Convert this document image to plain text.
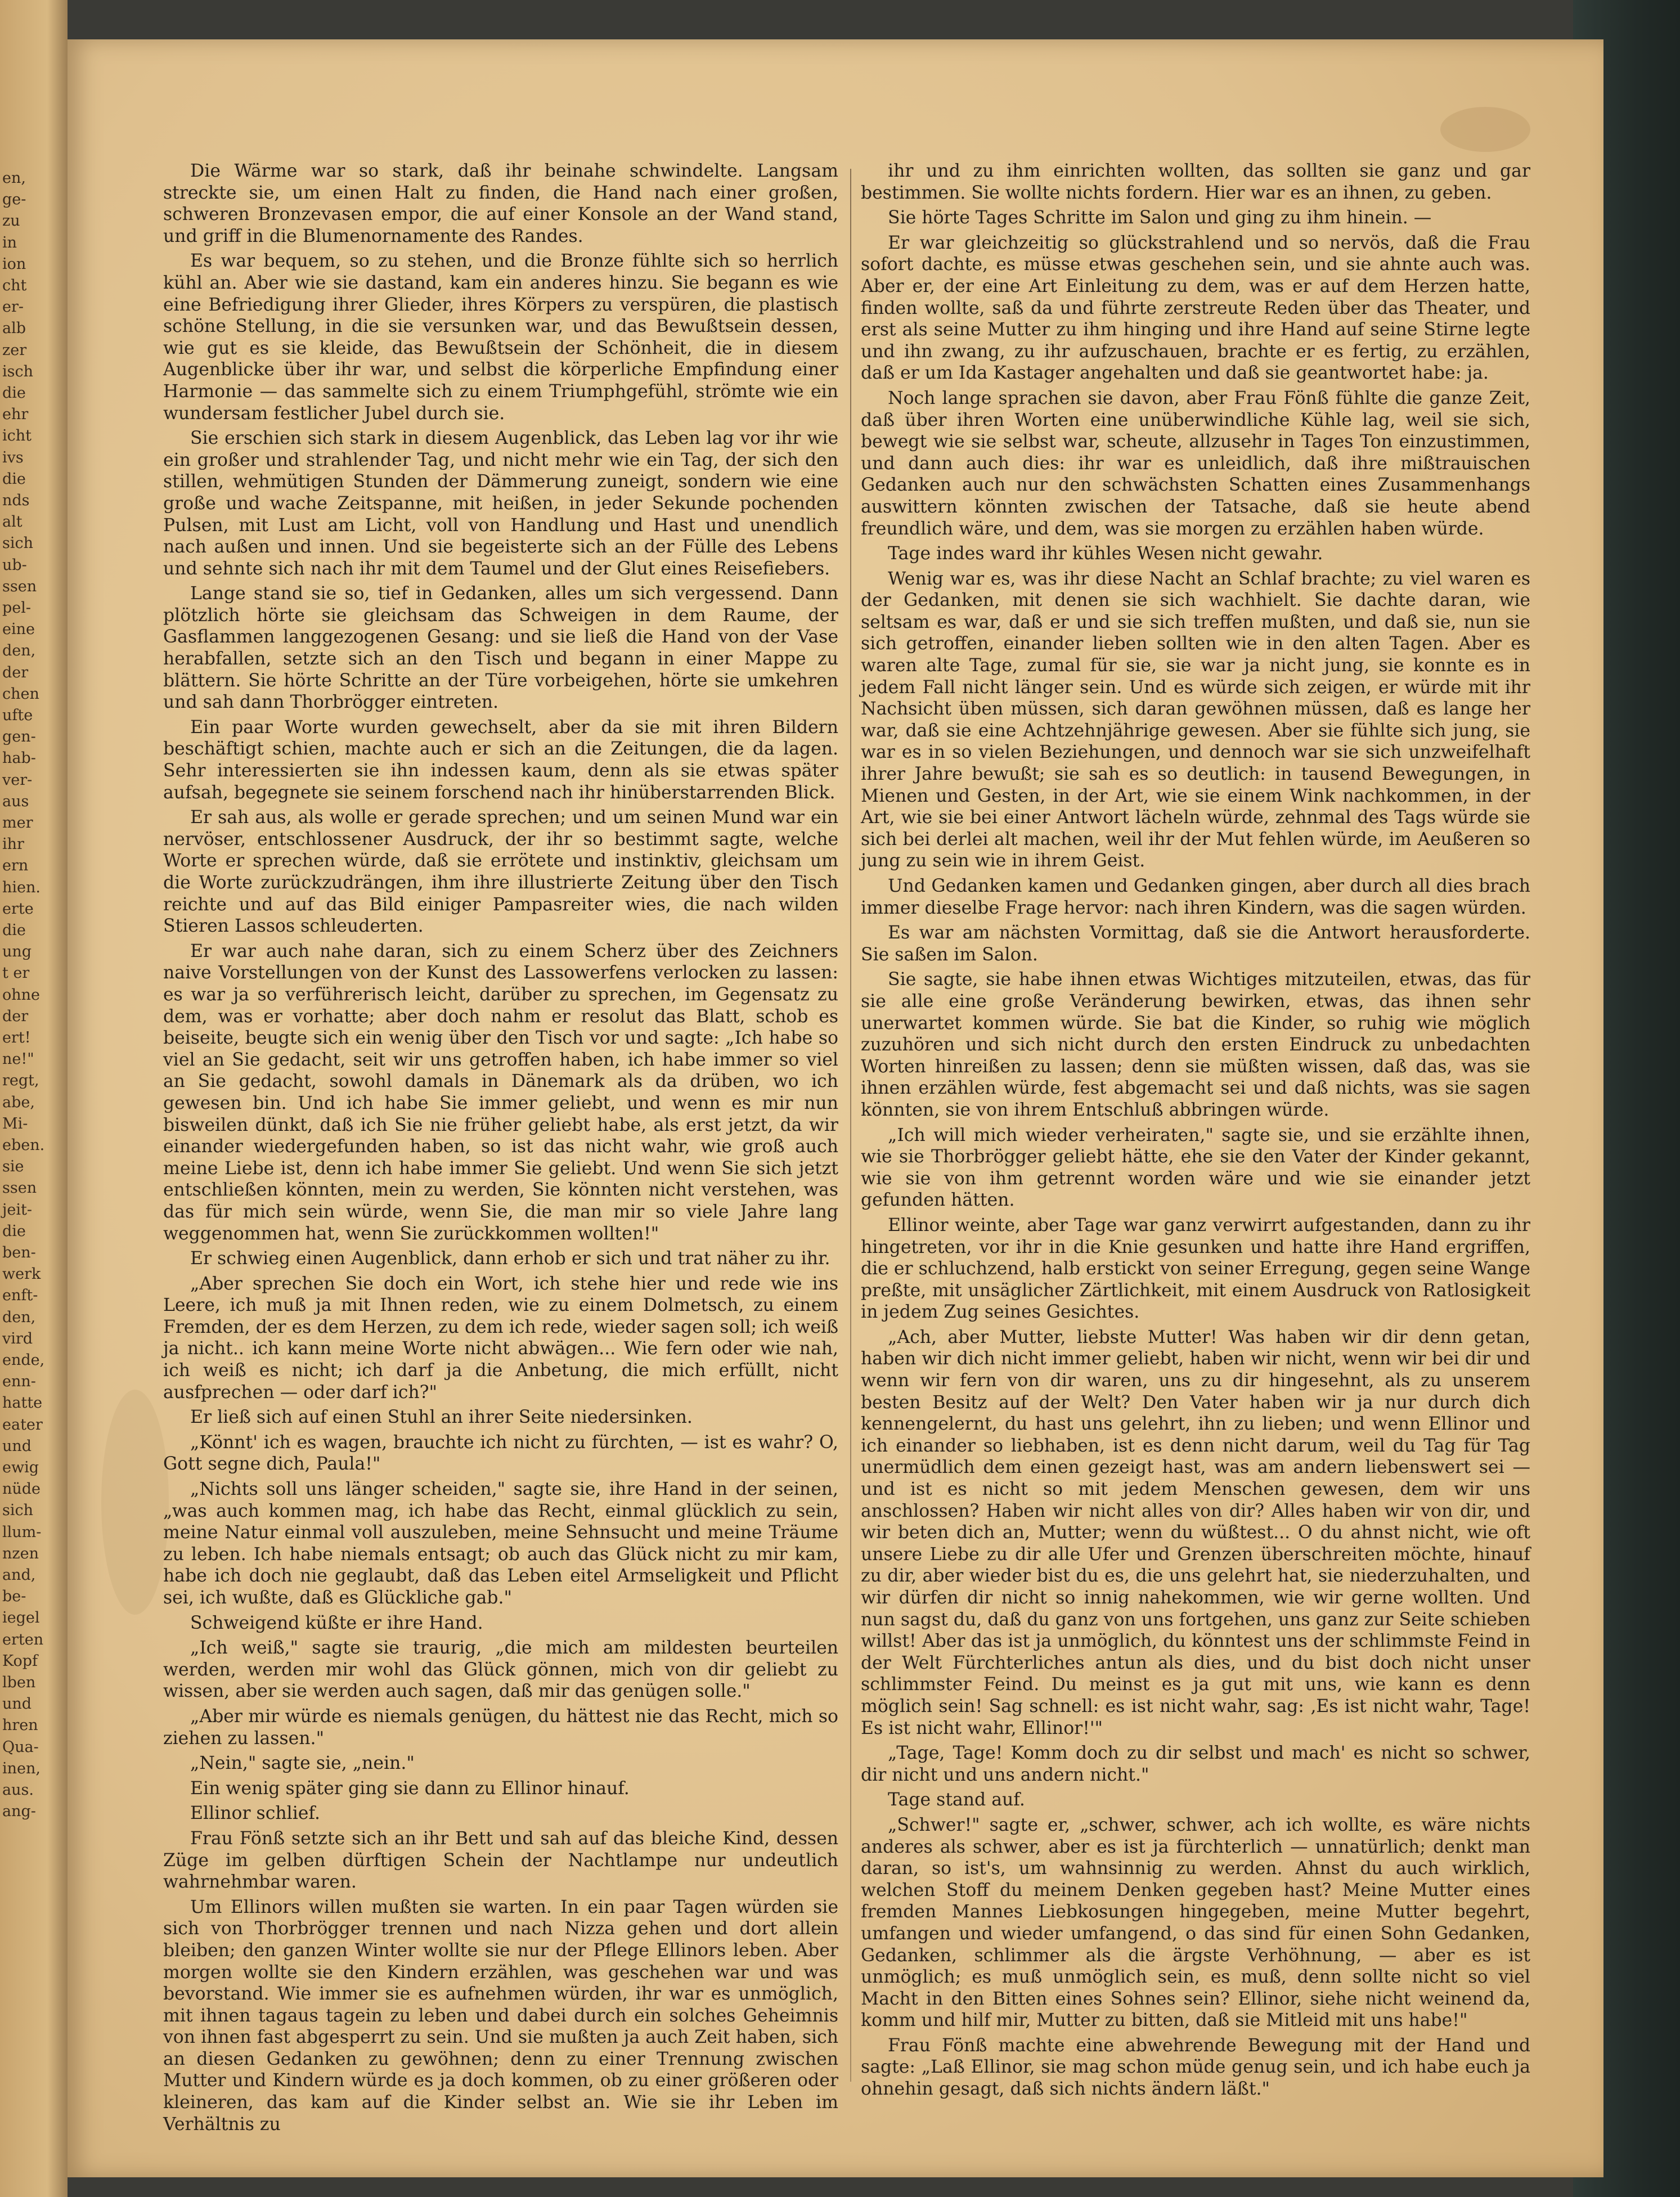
en,
ge-
zu
in
ion
cht
er-
alb
zer
isch
die
ehr
icht
ivs
die
nds
alt
sich
ub-
ssen
pel-
eine
den,
der
chen
ufte
gen-
hab-
ver-
aus
mer
ihr
ern
hien.
erte
die
ung
t er
ohne
der
ert!
ne!"
regt,
abe,
Mi-
eben.
sie
ssen
jeit-
die
ben-
werk
enft-
den,
vird
ende,
enn-
hatte
eater
und
ewig
nüde
sich
llum-
nzen
and,
be-
iegel
erten
Kopf
lben
und
hren
Qua-
inen,
aus.
ang-

Die Wärme war so stark, daß ihr beinahe schwindelte. Langsam streckte sie, um einen Halt zu finden, die Hand nach einer großen, schweren Bronzevasen empor, die auf einer Konsole an der Wand stand, und griff in die Blumenornamente des Randes.

Es war bequem, so zu stehen, und die Bronze fühlte sich so herrlich kühl an. Aber wie sie dastand, kam ein anderes hinzu. Sie begann es wie eine Befriedigung ihrer Glieder, ihres Körpers zu verspüren, die plastisch schöne Stellung, in die sie versunken war, und das Bewußtsein dessen, wie gut es sie kleide, das Bewußtsein der Schönheit, die in diesem Augenblicke über ihr war, und selbst die körperliche Empfindung einer Harmonie — das sammelte sich zu einem Triumphgefühl, strömte wie ein wundersam festlicher Jubel durch sie.

Sie erschien sich stark in diesem Augenblick, das Leben lag vor ihr wie ein großer und strahlender Tag, und nicht mehr wie ein Tag, der sich den stillen, wehmütigen Stunden der Dämmerung zuneigt, sondern wie eine große und wache Zeitspanne, mit heißen, in jeder Sekunde pochenden Pulsen, mit Lust am Licht, voll von Handlung und Hast und unendlich nach außen und innen. Und sie begeisterte sich an der Fülle des Lebens und sehnte sich nach ihr mit dem Taumel und der Glut eines Reisefiebers.

Lange stand sie so, tief in Gedanken, alles um sich vergessend. Dann plötzlich hörte sie gleichsam das Schweigen in dem Raume, der Gasflammen langgezogenen Gesang: und sie ließ die Hand von der Vase herabfallen, setzte sich an den Tisch und begann in einer Mappe zu blättern. Sie hörte Schritte an der Türe vorbeigehen, hörte sie umkehren und sah dann Thorbrögger eintreten.

Ein paar Worte wurden gewechselt, aber da sie mit ihren Bildern beschäftigt schien, machte auch er sich an die Zeitungen, die da lagen. Sehr interessierten sie ihn indessen kaum, denn als sie etwas später aufsah, begegnete sie seinem forschend nach ihr hinüberstarrenden Blick.

Er sah aus, als wolle er gerade sprechen; und um seinen Mund war ein nervöser, entschlossener Ausdruck, der ihr so bestimmt sagte, welche Worte er sprechen würde, daß sie errötete und instinktiv, gleichsam um die Worte zurückzudrängen, ihm ihre illustrierte Zeitung über den Tisch reichte und auf das Bild einiger Pampasreiter wies, die nach wilden Stieren Lassos schleuderten.

Er war auch nahe daran, sich zu einem Scherz über des Zeichners naive Vorstellungen von der Kunst des Lassowerfens verlocken zu lassen: es war ja so verführerisch leicht, darüber zu sprechen, im Gegensatz zu dem, was er vorhatte; aber doch nahm er resolut das Blatt, schob es beiseite, beugte sich ein wenig über den Tisch vor und sagte: „Ich habe so viel an Sie gedacht, seit wir uns getroffen haben, ich habe immer so viel an Sie gedacht, sowohl damals in Dänemark als da drüben, wo ich gewesen bin. Und ich habe Sie immer geliebt, und wenn es mir nun bisweilen dünkt, daß ich Sie nie früher geliebt habe, als erst jetzt, da wir einander wiedergefunden haben, so ist das nicht wahr, wie groß auch meine Liebe ist, denn ich habe immer Sie geliebt. Und wenn Sie sich jetzt entschließen könnten, mein zu werden, Sie könnten nicht verstehen, was das für mich sein würde, wenn Sie, die man mir so viele Jahre lang weggenommen hat, wenn Sie zurückkommen wollten!"

Er schwieg einen Augenblick, dann erhob er sich und trat näher zu ihr.

„Aber sprechen Sie doch ein Wort, ich stehe hier und rede wie ins Leere, ich muß ja mit Ihnen reden, wie zu einem Dolmetsch, zu einem Fremden, der es dem Herzen, zu dem ich rede, wieder sagen soll; ich weiß ja nicht.. ich kann meine Worte nicht abwägen... Wie fern oder wie nah, ich weiß es nicht; ich darf ja die Anbetung, die mich erfüllt, nicht ausfprechen — oder darf ich?"

Er ließ sich auf einen Stuhl an ihrer Seite niedersinken.

„Könnt' ich es wagen, brauchte ich nicht zu fürchten, — ist es wahr? O, Gott segne dich, Paula!"

„Nichts soll uns länger scheiden," sagte sie, ihre Hand in der seinen, „was auch kommen mag, ich habe das Recht, einmal glücklich zu sein, meine Natur einmal voll auszuleben, meine Sehnsucht und meine Träume zu leben. Ich habe niemals entsagt; ob auch das Glück nicht zu mir kam, habe ich doch nie geglaubt, daß das Leben eitel Armseligkeit und Pflicht sei, ich wußte, daß es Glückliche gab."

Schweigend küßte er ihre Hand.

„Ich weiß," sagte sie traurig, „die mich am mildesten beurteilen werden, werden mir wohl das Glück gönnen, mich von dir geliebt zu wissen, aber sie werden auch sagen, daß mir das genügen solle."

„Aber mir würde es niemals genügen, du hättest nie das Recht, mich so ziehen zu lassen."

„Nein," sagte sie, „nein."

Ein wenig später ging sie dann zu Ellinor hinauf.

Ellinor schlief.

Frau Fönß setzte sich an ihr Bett und sah auf das bleiche Kind, dessen Züge im gelben dürftigen Schein der Nachtlampe nur undeutlich wahrnehmbar waren.

Um Ellinors willen mußten sie warten. In ein paar Tagen würden sie sich von Thorbrögger trennen und nach Nizza gehen und dort allein bleiben; den ganzen Winter wollte sie nur der Pflege Ellinors leben. Aber morgen wollte sie den Kindern erzählen, was geschehen war und was bevorstand. Wie immer sie es aufnehmen würden, ihr war es unmöglich, mit ihnen tagaus tagein zu leben und dabei durch ein solches Geheimnis von ihnen fast abgesperrt zu sein. Und sie mußten ja auch Zeit haben, sich an diesen Gedanken zu gewöhnen; denn zu einer Trennung zwischen Mutter und Kindern würde es ja doch kommen, ob zu einer größeren oder kleineren, das kam auf die Kinder selbst an. Wie sie ihr Leben im Verhältnis zu

ihr und zu ihm einrichten wollten, das sollten sie ganz und gar bestimmen. Sie wollte nichts fordern. Hier war es an ihnen, zu geben.

Sie hörte Tages Schritte im Salon und ging zu ihm hinein. —

Er war gleichzeitig so glückstrahlend und so nervös, daß die Frau sofort dachte, es müsse etwas geschehen sein, und sie ahnte auch was. Aber er, der eine Art Einleitung zu dem, was er auf dem Herzen hatte, finden wollte, saß da und führte zerstreute Reden über das Theater, und erst als seine Mutter zu ihm hinging und ihre Hand auf seine Stirne legte und ihn zwang, zu ihr aufzuschauen, brachte er es fertig, zu erzählen, daß er um Ida Kastager angehalten und daß sie geantwortet habe: ja.

Noch lange sprachen sie davon, aber Frau Fönß fühlte die ganze Zeit, daß über ihren Worten eine unüberwindliche Kühle lag, weil sie sich, bewegt wie sie selbst war, scheute, allzusehr in Tages Ton einzustimmen, und dann auch dies: ihr war es unleidlich, daß ihre mißtrauischen Gedanken auch nur den schwächsten Schatten eines Zusammenhangs auswittern könnten zwischen der Tatsache, daß sie heute abend freundlich wäre, und dem, was sie morgen zu erzählen haben würde.

Tage indes ward ihr kühles Wesen nicht gewahr.

Wenig war es, was ihr diese Nacht an Schlaf brachte; zu viel waren es der Gedanken, mit denen sie sich wachhielt. Sie dachte daran, wie seltsam es war, daß er und sie sich treffen mußten, und daß sie, nun sie sich getroffen, einander lieben sollten wie in den alten Tagen. Aber es waren alte Tage, zumal für sie, sie war ja nicht jung, sie konnte es in jedem Fall nicht länger sein. Und es würde sich zeigen, er würde mit ihr Nachsicht üben müssen, sich daran gewöhnen müssen, daß es lange her war, daß sie eine Achtzehnjährige gewesen. Aber sie fühlte sich jung, sie war es in so vielen Beziehungen, und dennoch war sie sich unzweifelhaft ihrer Jahre bewußt; sie sah es so deutlich: in tausend Bewegungen, in Mienen und Gesten, in der Art, wie sie einem Wink nachkommen, in der Art, wie sie bei einer Antwort lächeln würde, zehnmal des Tags würde sie sich bei derlei alt machen, weil ihr der Mut fehlen würde, im Aeußeren so jung zu sein wie in ihrem Geist.

Und Gedanken kamen und Gedanken gingen, aber durch all dies brach immer dieselbe Frage hervor: nach ihren Kindern, was die sagen würden.

Es war am nächsten Vormittag, daß sie die Antwort herausforderte. Sie saßen im Salon.

Sie sagte, sie habe ihnen etwas Wichtiges mitzuteilen, etwas, das für sie alle eine große Veränderung bewirken, etwas, das ihnen sehr unerwartet kommen würde. Sie bat die Kinder, so ruhig wie möglich zuzuhören und sich nicht durch den ersten Eindruck zu unbedachten Worten hinreißen zu lassen; denn sie müßten wissen, daß das, was sie ihnen erzählen würde, fest abgemacht sei und daß nichts, was sie sagen könnten, sie von ihrem Entschluß abbringen würde.

„Ich will mich wieder verheiraten," sagte sie, und sie erzählte ihnen, wie sie Thorbrögger geliebt hätte, ehe sie den Vater der Kinder gekannt, wie sie von ihm getrennt worden wäre und wie sie einander jetzt gefunden hätten.

Ellinor weinte, aber Tage war ganz verwirrt aufgestanden, dann zu ihr hingetreten, vor ihr in die Knie gesunken und hatte ihre Hand ergriffen, die er schluchzend, halb erstickt von seiner Erregung, gegen seine Wange preßte, mit unsäglicher Zärtlichkeit, mit einem Ausdruck von Ratlosigkeit in jedem Zug seines Gesichtes.

„Ach, aber Mutter, liebste Mutter! Was haben wir dir denn getan, haben wir dich nicht immer geliebt, haben wir nicht, wenn wir bei dir und wenn wir fern von dir waren, uns zu dir hingesehnt, als zu unserem besten Besitz auf der Welt? Den Vater haben wir ja nur durch dich kennengelernt, du hast uns gelehrt, ihn zu lieben; und wenn Ellinor und ich einander so liebhaben, ist es denn nicht darum, weil du Tag für Tag unermüdlich dem einen gezeigt hast, was am andern liebenswert sei — und ist es nicht so mit jedem Menschen gewesen, dem wir uns anschlossen? Haben wir nicht alles von dir? Alles haben wir von dir, und wir beten dich an, Mutter; wenn du wüßtest... O du ahnst nicht, wie oft unsere Liebe zu dir alle Ufer und Grenzen überschreiten möchte, hinauf zu dir, aber wieder bist du es, die uns gelehrt hat, sie niederzuhalten, und wir dürfen dir nicht so innig nahekommen, wie wir gerne wollten. Und nun sagst du, daß du ganz von uns fortgehen, uns ganz zur Seite schieben willst! Aber das ist ja unmöglich, du könntest uns der schlimmste Feind in der Welt Fürchterliches antun als dies, und du bist doch nicht unser schlimmster Feind. Du meinst es ja gut mit uns, wie kann es denn möglich sein! Sag schnell: es ist nicht wahr, sag: ‚Es ist nicht wahr, Tage! Es ist nicht wahr, Ellinor!'"

„Tage, Tage! Komm doch zu dir selbst und mach' es nicht so schwer, dir nicht und uns andern nicht."

Tage stand auf.

„Schwer!" sagte er, „schwer, schwer, ach ich wollte, es wäre nichts anderes als schwer, aber es ist ja fürchterlich — unnatürlich; denkt man daran, so ist's, um wahnsinnig zu werden. Ahnst du auch wirklich, welchen Stoff du meinem Denken gegeben hast? Meine Mutter eines fremden Mannes Liebkosungen hingegeben, meine Mutter begehrt, umfangen und wieder umfangend, o das sind für einen Sohn Gedanken, Gedanken, schlimmer als die ärgste Verhöhnung, — aber es ist unmöglich; es muß unmöglich sein, es muß, denn sollte nicht so viel Macht in den Bitten eines Sohnes sein? Ellinor, siehe nicht weinend da, komm und hilf mir, Mutter zu bitten, daß sie Mitleid mit uns habe!"

Frau Fönß machte eine abwehrende Bewegung mit der Hand und sagte: „Laß Ellinor, sie mag schon müde genug sein, und ich habe euch ja ohnehin gesagt, daß sich nichts ändern läßt."
